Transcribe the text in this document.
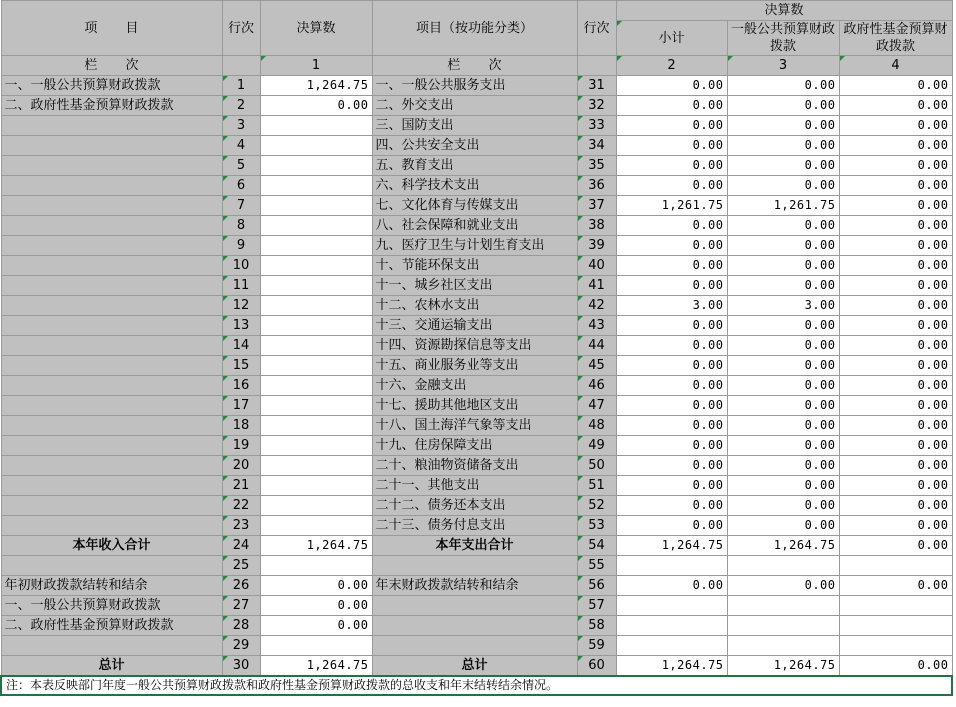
项 目	行次	决算数	项目（按功能分类）	行次	决算数		
					小计	一般公共预算财政拨款	政府性基金预算财政拨款

栏 次		1	栏 次		2	3	4
一、一般公共预算财政拨款	1	1,264.75	一、一般公共服务支出	31	0.00	0.00	0.00
二、政府性基金预算财政拨款	2	0.00	二、外交支出	32	0.00	0.00	0.00
	3		三、国防支出	33	0.00	0.00	0.00
	4		四、公共安全支出	34	0.00	0.00	0.00
	5		五、教育支出	35	0.00	0.00	0.00
	6		六、科学技术支出	36	0.00	0.00	0.00
	7		七、文化体育与传媒支出	37	1,261.75	1,261.75	0.00
	8		八、社会保障和就业支出	38	0.00	0.00	0.00
	9		九、医疗卫生与计划生育支出	39	0.00	0.00	0.00
	10		十、节能环保支出	40	0.00	0.00	0.00
	11		十一、城乡社区支出	41	0.00	0.00	0.00
	12		十二、农林水支出	42	3.00	3.00	0.00
	13		十三、交通运输支出	43	0.00	0.00	0.00
	14		十四、资源勘探信息等支出	44	0.00	0.00	0.00
	15		十五、商业服务业等支出	45	0.00	0.00	0.00
	16		十六、金融支出	46	0.00	0.00	0.00
	17		十七、援助其他地区支出	47	0.00	0.00	0.00
	18		十八、国土海洋气象等支出	48	0.00	0.00	0.00
	19		十九、住房保障支出	49	0.00	0.00	0.00
	20		二十、粮油物资储备支出	50	0.00	0.00	0.00
	21		二十一、其他支出	51	0.00	0.00	0.00
	22		二十二、债务还本支出	52	0.00	0.00	0.00
	23		二十三、债务付息支出	53	0.00	0.00	0.00
本年收入合计	24	1,264.75	本年支出合计	54	1,264.75	1,264.75	0.00
	25			55			
年初财政拨款结转和结余	26	0.00	年末财政拨款结转和结余	56	0.00	0.00	0.00
一、一般公共预算财政拨款	27	0.00		57			
二、政府性基金预算财政拨款	28	0.00		58			
	29			59			
总计	30	1,264.75	总计	60	1,264.75	1,264.75	0.00
注：本表反映部门年度一般公共预算财政拨款和政府性基金预算财政拨款的总收支和年末结转结余情况。							
